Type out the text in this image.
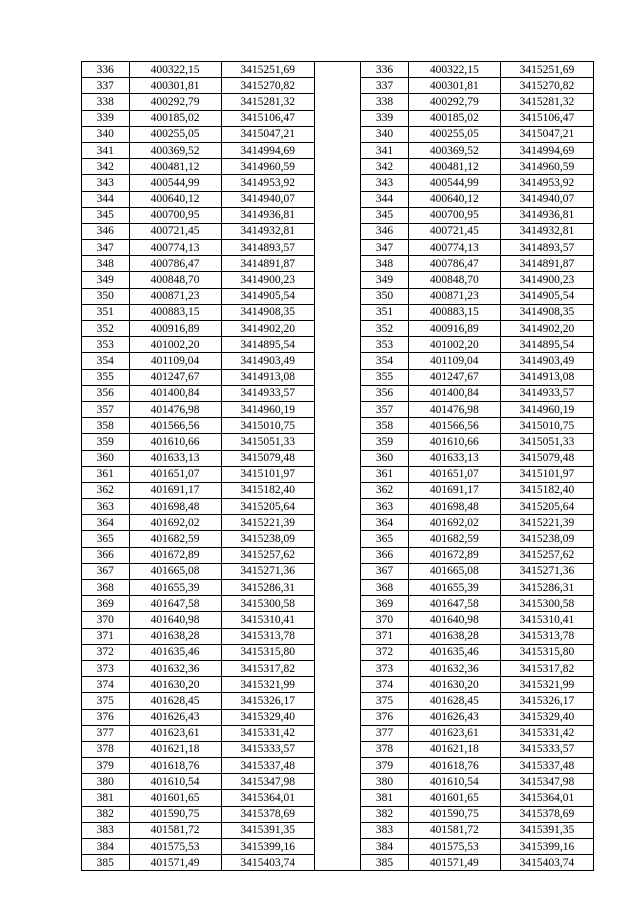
336	400322,15	3415251,69		336	400322,15	3415251,69
337	400301,81	3415270,82		337	400301,81	3415270,82
338	400292,79	3415281,32		338	400292,79	3415281,32
339	400185,02	3415106,47		339	400185,02	3415106,47
340	400255,05	3415047,21		340	400255,05	3415047,21
341	400369,52	3414994,69		341	400369,52	3414994,69
342	400481,12	3414960,59		342	400481,12	3414960,59
343	400544,99	3414953,92		343	400544,99	3414953,92
344	400640,12	3414940,07		344	400640,12	3414940,07
345	400700,95	3414936,81		345	400700,95	3414936,81
346	400721,45	3414932,81		346	400721,45	3414932,81
347	400774,13	3414893,57		347	400774,13	3414893,57
348	400786,47	3414891,87		348	400786,47	3414891,87
349	400848,70	3414900,23		349	400848,70	3414900,23
350	400871,23	3414905,54		350	400871,23	3414905,54
351	400883,15	3414908,35		351	400883,15	3414908,35
352	400916,89	3414902,20		352	400916,89	3414902,20
353	401002,20	3414895,54		353	401002,20	3414895,54
354	401109,04	3414903,49		354	401109,04	3414903,49
355	401247,67	3414913,08		355	401247,67	3414913,08
356	401400,84	3414933,57		356	401400,84	3414933,57
357	401476,98	3414960,19		357	401476,98	3414960,19
358	401566,56	3415010,75		358	401566,56	3415010,75
359	401610,66	3415051,33		359	401610,66	3415051,33
360	401633,13	3415079,48		360	401633,13	3415079,48
361	401651,07	3415101,97		361	401651,07	3415101,97
362	401691,17	3415182,40		362	401691,17	3415182,40
363	401698,48	3415205,64		363	401698,48	3415205,64
364	401692,02	3415221,39		364	401692,02	3415221,39
365	401682,59	3415238,09		365	401682,59	3415238,09
366	401672,89	3415257,62		366	401672,89	3415257,62
367	401665,08	3415271,36		367	401665,08	3415271,36
368	401655,39	3415286,31		368	401655,39	3415286,31
369	401647,58	3415300,58		369	401647,58	3415300,58
370	401640,98	3415310,41		370	401640,98	3415310,41
371	401638,28	3415313,78		371	401638,28	3415313,78
372	401635,46	3415315,80		372	401635,46	3415315,80
373	401632,36	3415317,82		373	401632,36	3415317,82
374	401630,20	3415321,99		374	401630,20	3415321,99
375	401628,45	3415326,17		375	401628,45	3415326,17
376	401626,43	3415329,40		376	401626,43	3415329,40
377	401623,61	3415331,42		377	401623,61	3415331,42
378	401621,18	3415333,57		378	401621,18	3415333,57
379	401618,76	3415337,48		379	401618,76	3415337,48
380	401610,54	3415347,98		380	401610,54	3415347,98
381	401601,65	3415364,01		381	401601,65	3415364,01
382	401590,75	3415378,69		382	401590,75	3415378,69
383	401581,72	3415391,35		383	401581,72	3415391,35
384	401575,53	3415399,16		384	401575,53	3415399,16
385	401571,49	3415403,74		385	401571,49	3415403,74
